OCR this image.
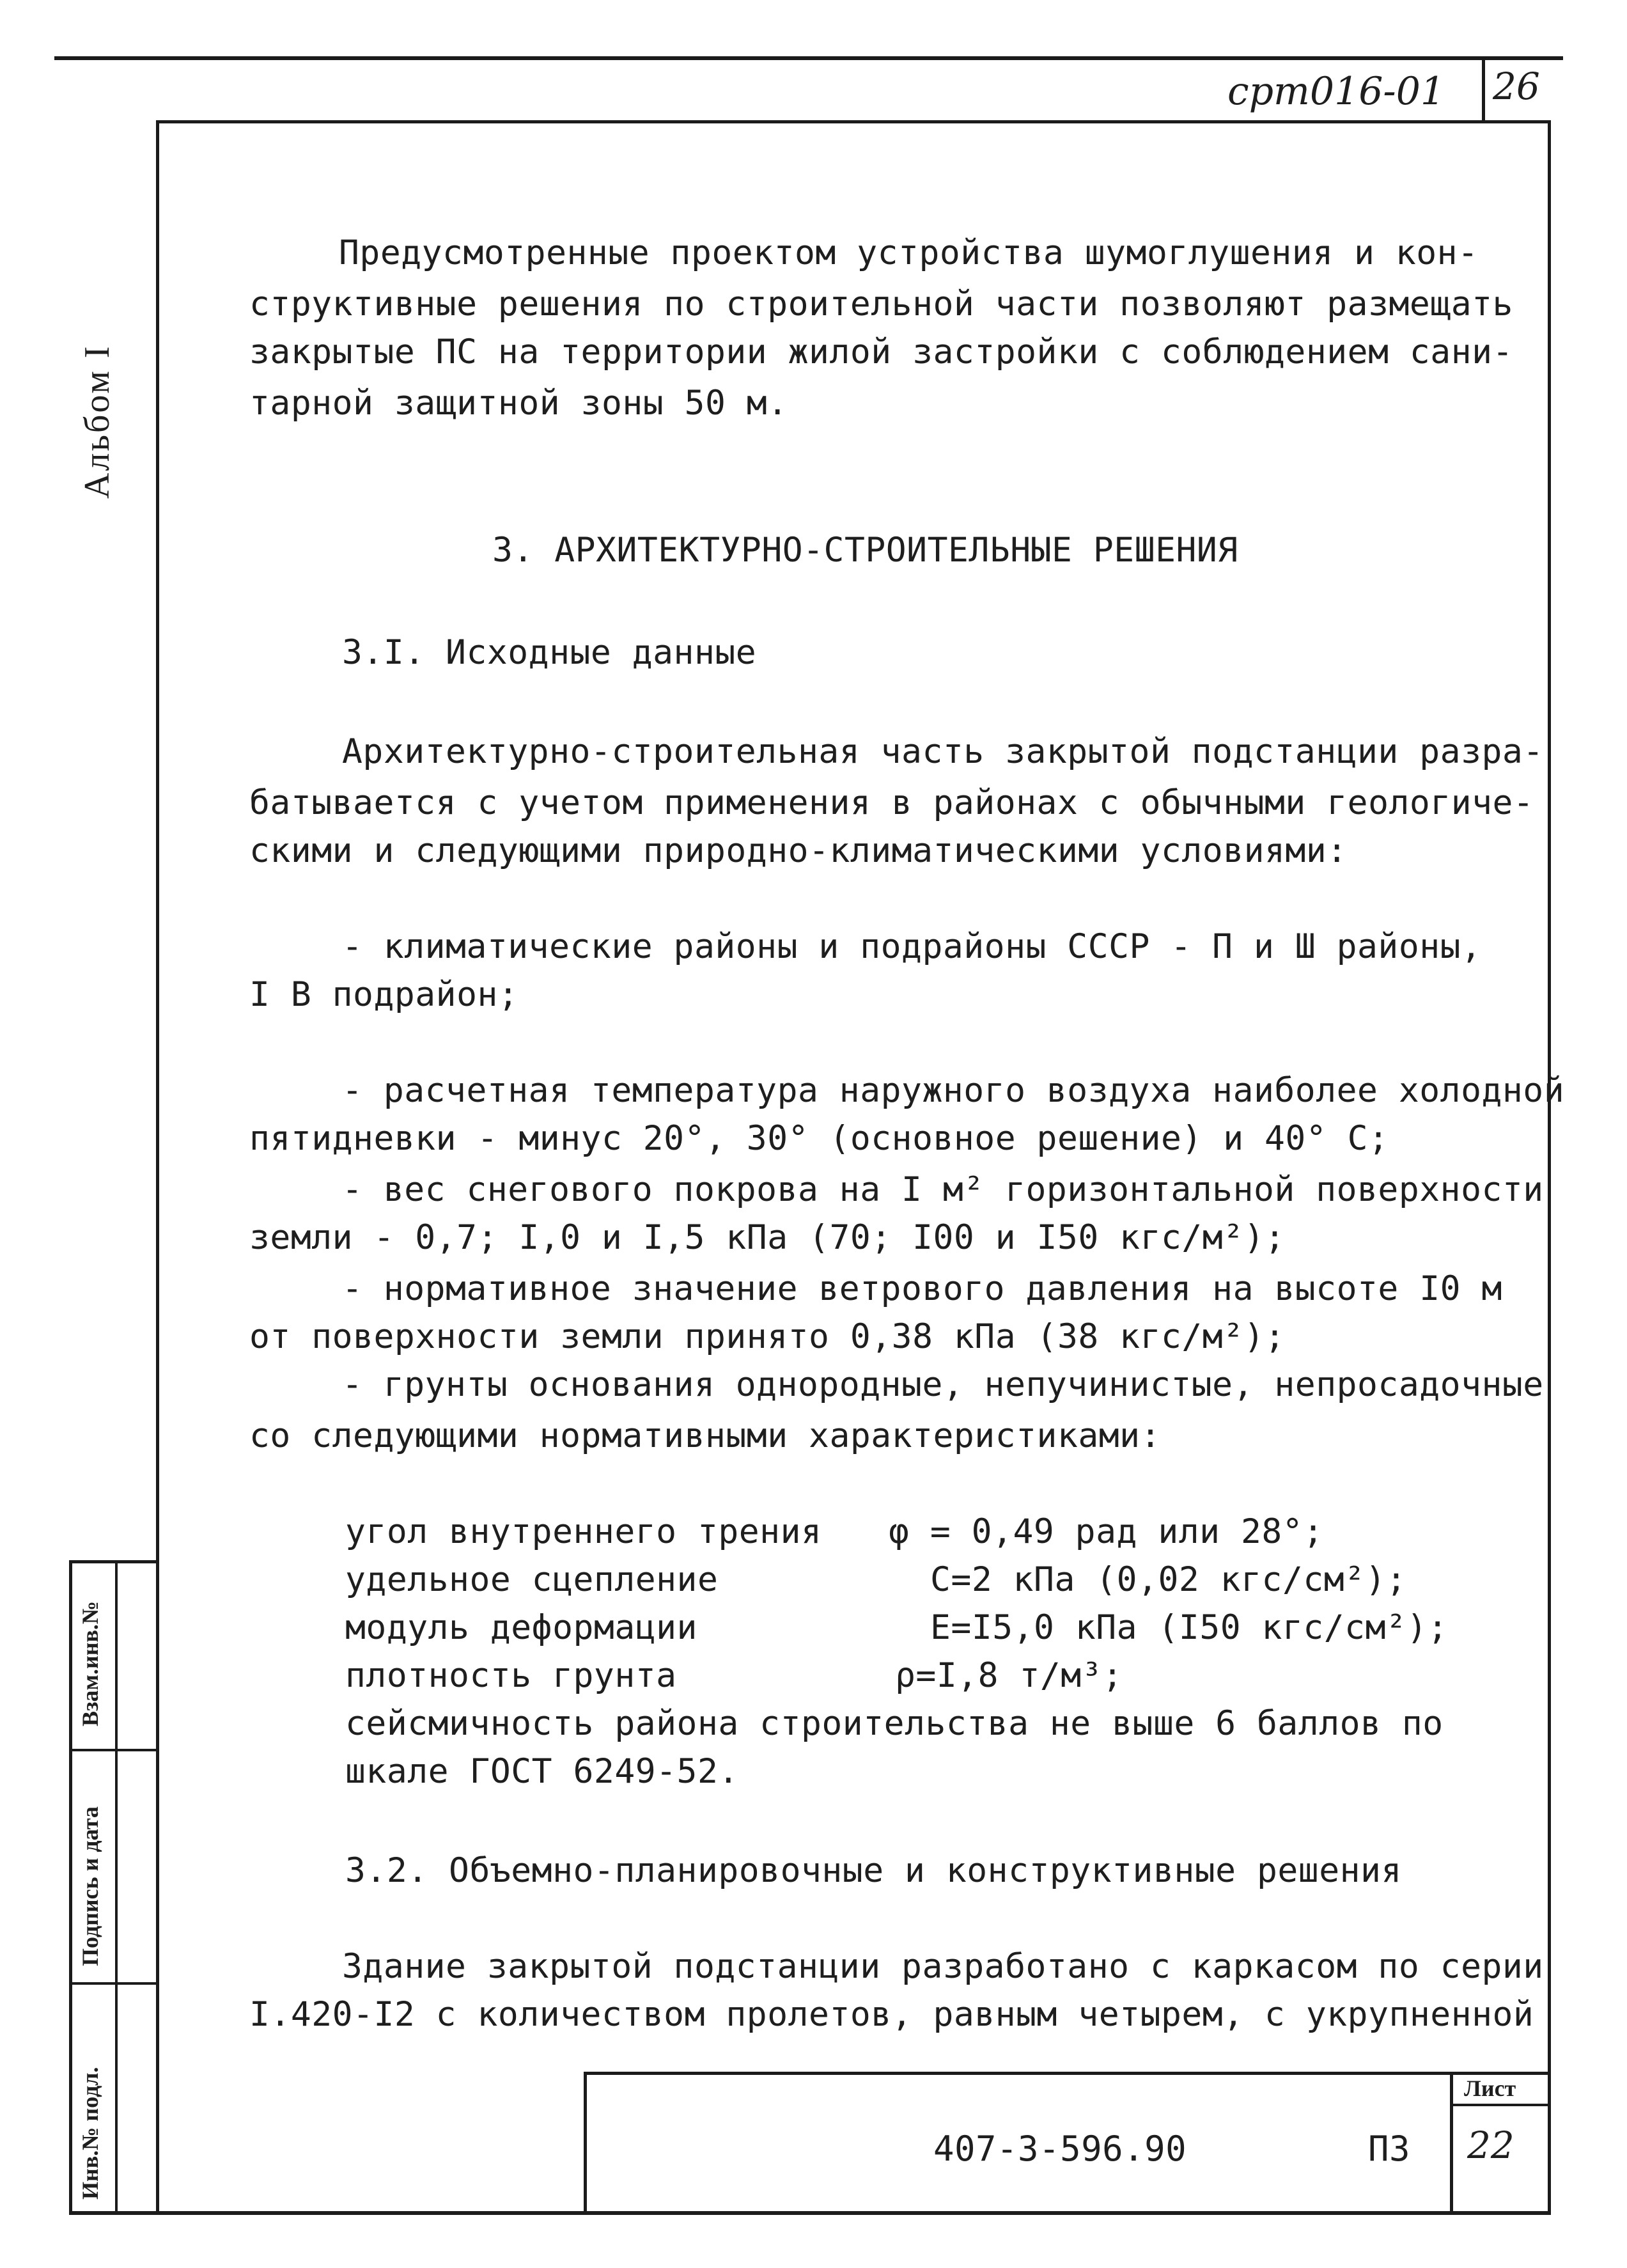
срт016-01 26
Альбом I
Взам.инв.№
Подпись и дата
Инв.№ подл.
Предусмотренные проектом устройства шумоглушения и кон-
структивные решения по строительной части позволяют размещать
закрытые ПС на территории жилой застройки с соблюдением сани-
тарной защитной зоны 50 м.
3. АРХИТЕКТУРНО-СТРОИТЕЛЬНЫЕ РЕШЕНИЯ
3.I. Исходные данные
Архитектурно-строительная часть закрытой подстанции разра-
батывается с учетом применения в районах с обычными геологиче-
скими и следующими природно-климатическими условиями:
- климатические районы и подрайоны СССР - П и Ш районы,
I В подрайон;
- расчетная температура наружного воздуха наиболее холодной
пятидневки - минус 20°, 30° (основное решение) и 40° С;
- вес снегового покрова на I м² горизонтальной поверхности
земли - 0,7; I,0 и I,5 кПа (70; I00 и I50 кгс/м²);
- нормативное значение ветрового давления на высоте I0 м
от поверхности земли принято 0,38 кПа (38 кгс/м²);
- грунты основания однородные, непучинистые, непросадочные
со следующими нормативными характеристиками:
угол внутреннего трения φ = 0,49 рад или 28°;
удельное сцепление	С=2 кПа (0,02 кгс/см²);
модуль деформации	Е=I5,0 кПа (I50 кгс/см²);
плотность грунта	ρ=I,8 т/м³;
сейсмичность района строительства не выше 6 баллов по
шкале ГОСТ 6249-52.
3.2. Объемно-планировочные и конструктивные решения
Здание закрытой подстанции разработано с каркасом по серии
I.420-I2 с количеством пролетов, равным четырем, с укрупненной
407-3-596.90	ПЗ
Лист
22
